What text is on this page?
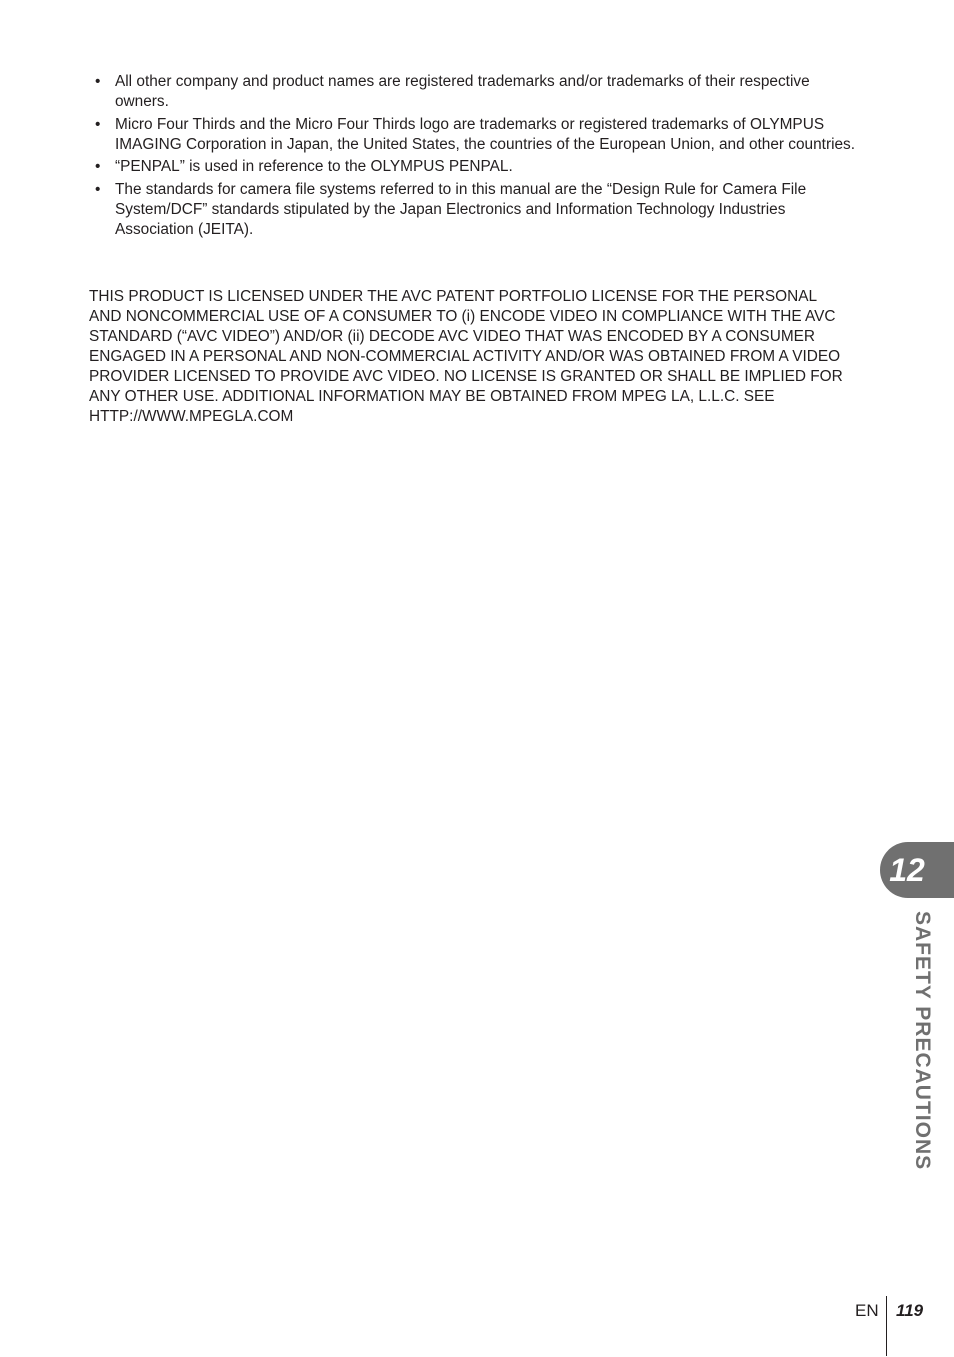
• All other company and product names are registered trademarks and/or trademarks of their respective owners.
• Micro Four Thirds and the Micro Four Thirds logo are trademarks or registered trademarks of OLYMPUS IMAGING Corporation in Japan, the United States, the countries of the European Union, and other countries.
• “PENPAL” is used in reference to the OLYMPUS PENPAL.
• The standards for camera file systems referred to in this manual are the “Design Rule for Camera File System/DCF” standards stipulated by the Japan Electronics and Information Technology Industries Association (JEITA).

THIS PRODUCT IS LICENSED UNDER THE AVC PATENT PORTFOLIO LICENSE FOR THE PERSONAL AND NONCOMMERCIAL USE OF A CONSUMER TO (i) ENCODE VIDEO IN COMPLIANCE WITH THE AVC STANDARD (“AVC VIDEO”) AND/OR (ii) DECODE AVC VIDEO THAT WAS ENCODED BY A CONSUMER ENGAGED IN A PERSONAL AND NON-COMMERCIAL ACTIVITY AND/OR WAS OBTAINED FROM A VIDEO PROVIDER LICENSED TO PROVIDE AVC VIDEO. NO LICENSE IS GRANTED OR SHALL BE IMPLIED FOR ANY OTHER USE. ADDITIONAL INFORMATION MAY BE OBTAINED FROM MPEG LA, L.L.C. SEE HTTP://WWW.MPEGLA.COM

12
SAFETY PRECAUTIONS
EN 119
